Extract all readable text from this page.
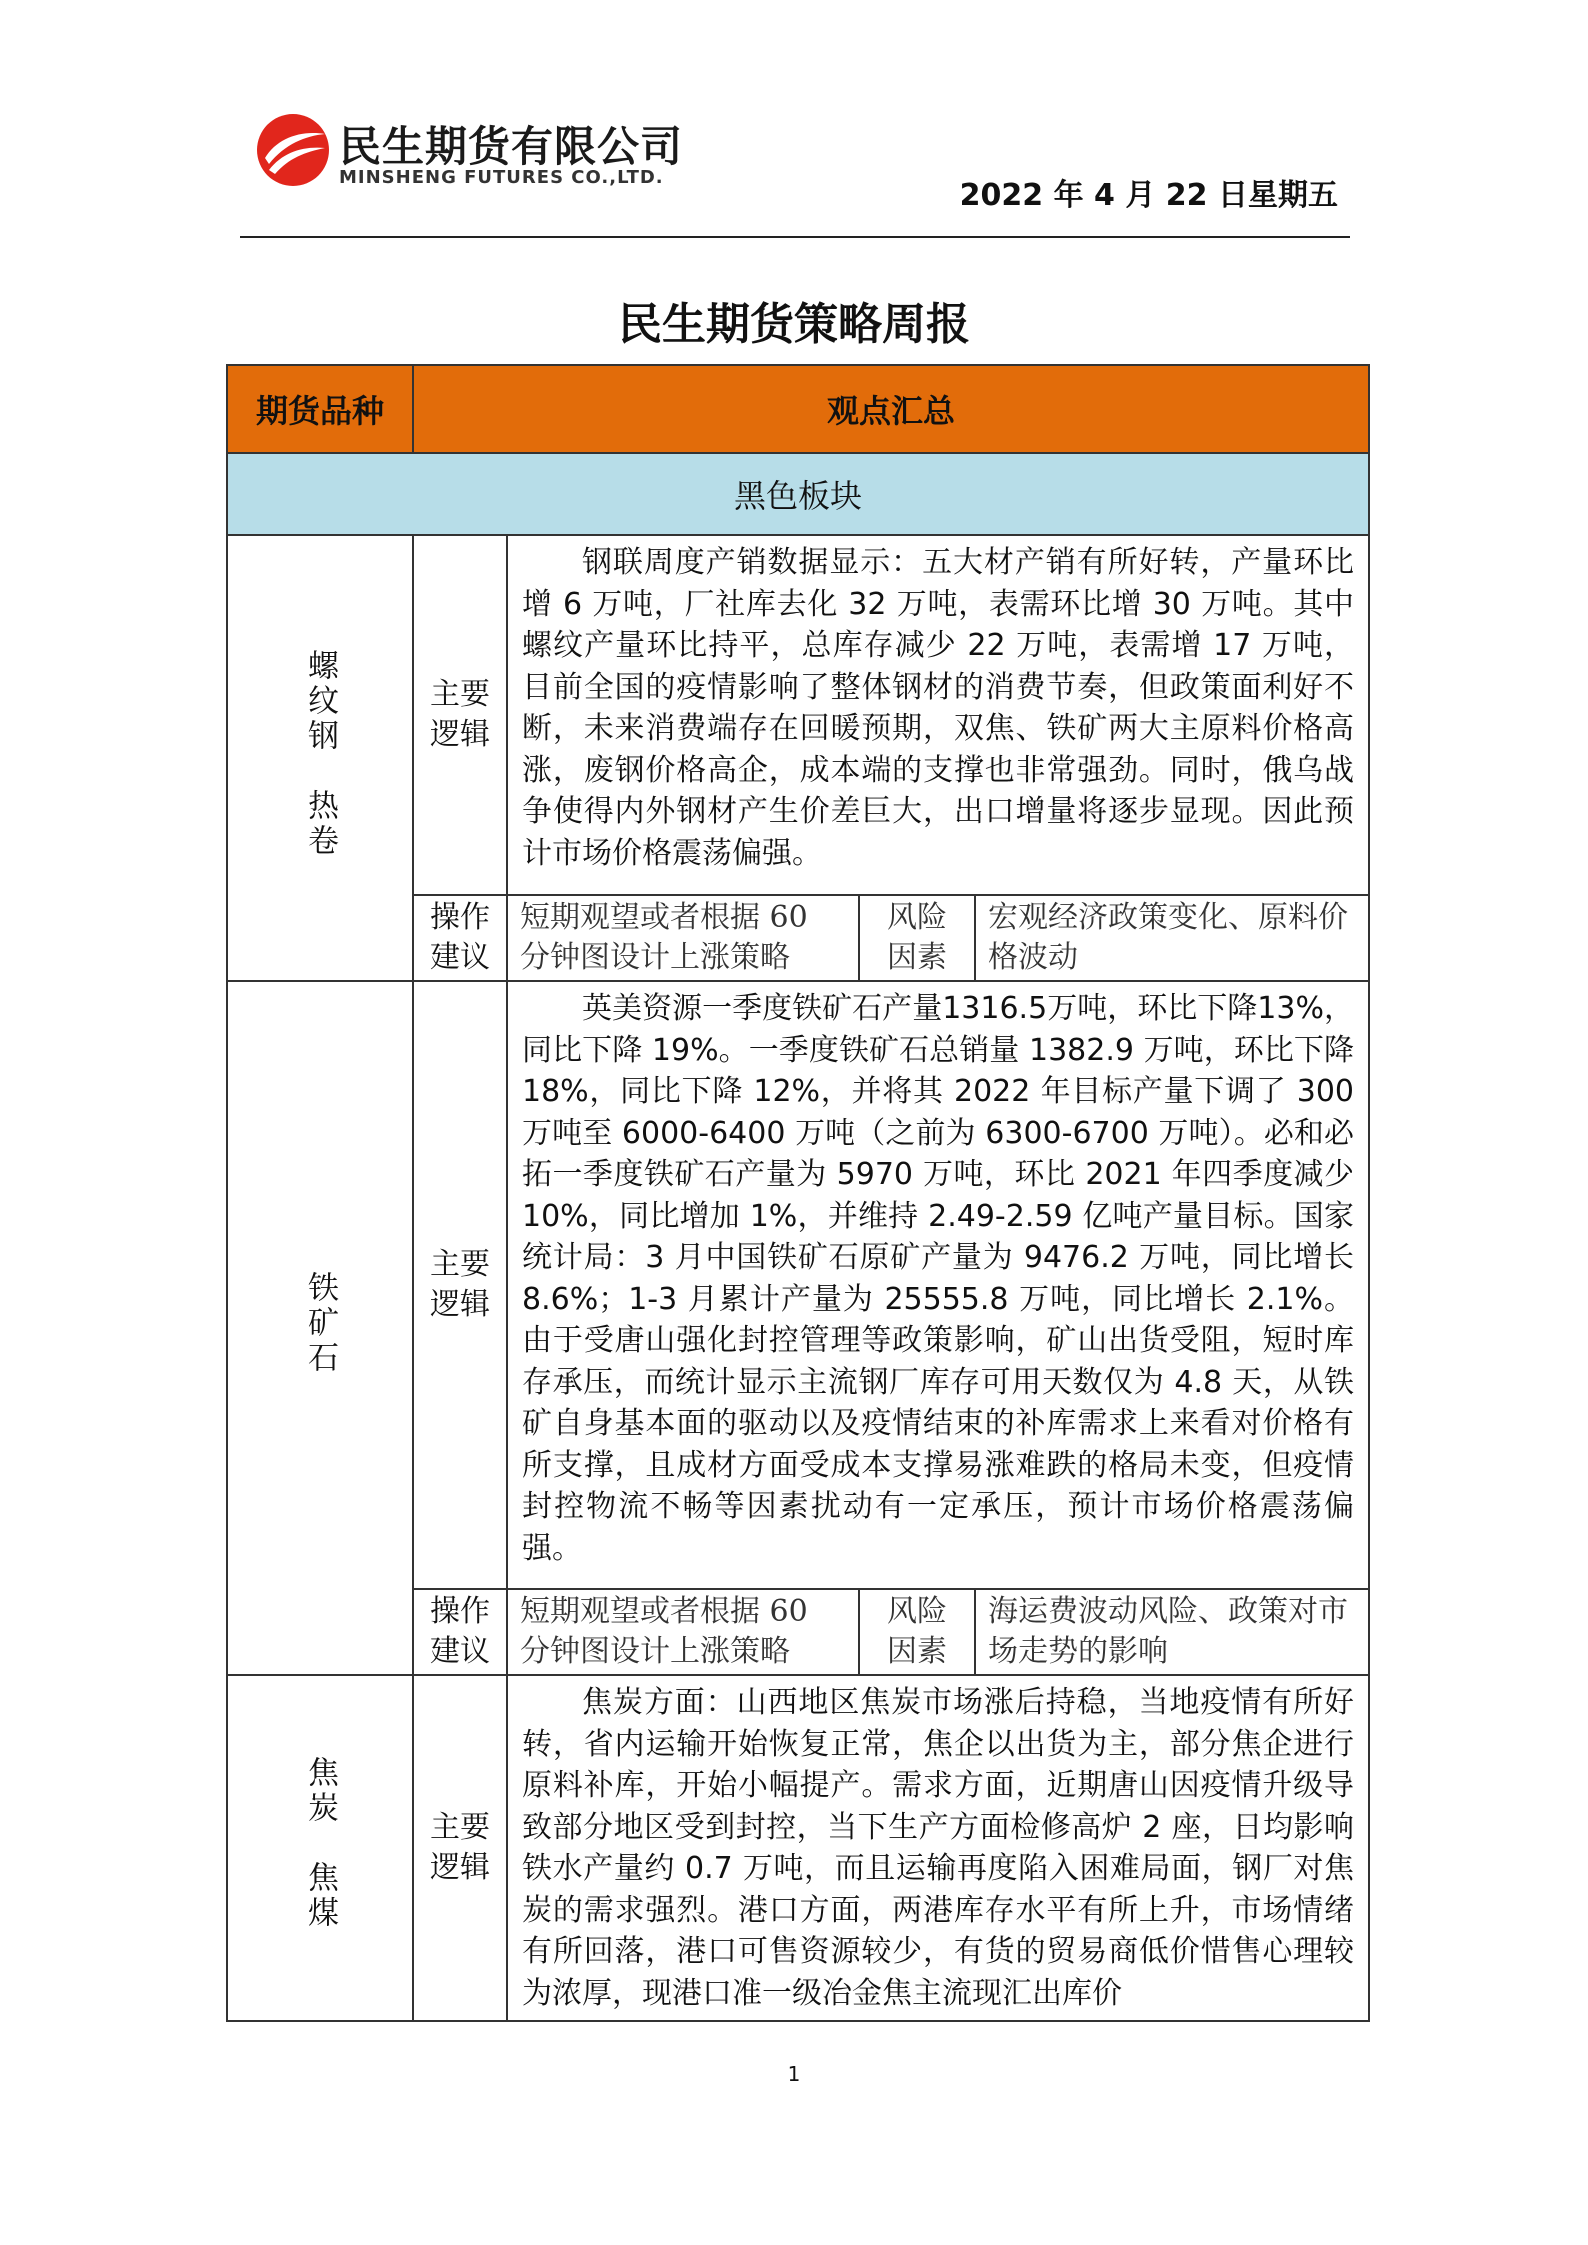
民生期货有限公司
MINSHENG FUTURES CO.,LTD.
2022 年 4 月 22 日星期五
民生期货策略周报
期货品种	观点汇总			
黑色板块				
螺纹钢　热卷	主要逻辑	钢联周度产销数据显示：五大材产销有所好转，产量环比增 6 万吨，厂社库去化 32 万吨，表需环比增 30 万吨。其中螺纹产量环比持平，总库存减少 22 万吨，表需增 17 万吨，目前全国的疫情影响了整体钢材的消费节奏，但政策面利好不断，未来消费端存在回暖预期，双焦、铁矿两大主原料价格高涨，废钢价格高企，成本端的支撑也非常强劲。同时，俄乌战争使得内外钢材产生价差巨大，出口增量将逐步显现。因此预计市场价格震荡偏强。		

	操作建议	短期观望或者根据 60 分钟图设计上涨策略	风险因素	宏观经济政策变化、原料价格波动
铁矿石	主要逻辑	英美资源一季度铁矿石产量1316.5万吨，环比下降13%，同比下降 19%。一季度铁矿石总销量 1382.9 万吨，环比下降 18%，同比下降 12%，并将其 2022 年目标产量下调了 300 万吨至 6000-6400 万吨（之前为 6300-6700 万吨）。必和必拓一季度铁矿石产量为 5970 万吨，环比 2021 年四季度减少 10%，同比增加 1%，并维持 2.49-2.59 亿吨产量目标。国家统计局：3 月中国铁矿石原矿产量为 9476.2 万吨，同比增长 8.6%；1-3 月累计产量为 25555.8 万吨，同比增长 2.1%。由于受唐山强化封控管理等政策影响，矿山出货受阻，短时库存承压，而统计显示主流钢厂库存可用天数仅为 4.8 天，从铁矿自身基本面的驱动以及疫情结束的补库需求上来看对价格有所支撑，且成材方面受成本支撑易涨难跌的格局未变，但疫情封控物流不畅等因素扰动有一定承压，预计市场价格震荡偏强。		

	操作建议	短期观望或者根据 60 分钟图设计上涨策略	风险因素	海运费波动风险、政策对市场走势的影响
焦炭　焦煤	主要逻辑	焦炭方面：山西地区焦炭市场涨后持稳，当地疫情有所好转，省内运输开始恢复正常，焦企以出货为主，部分焦企进行原料补库，开始小幅提产。需求方面，近期唐山因疫情升级导致部分地区受到封控，当下生产方面检修高炉 2 座，日均影响铁水产量约 0.7 万吨，而且运输再度陷入困难局面，钢厂对焦炭的需求强烈。港口方面，两港库存水平有所上升，市场情绪有所回落，港口可售资源较少，有货的贸易商低价惜售心理较为浓厚，现港口准一级冶金焦主流现汇出库价		

1
